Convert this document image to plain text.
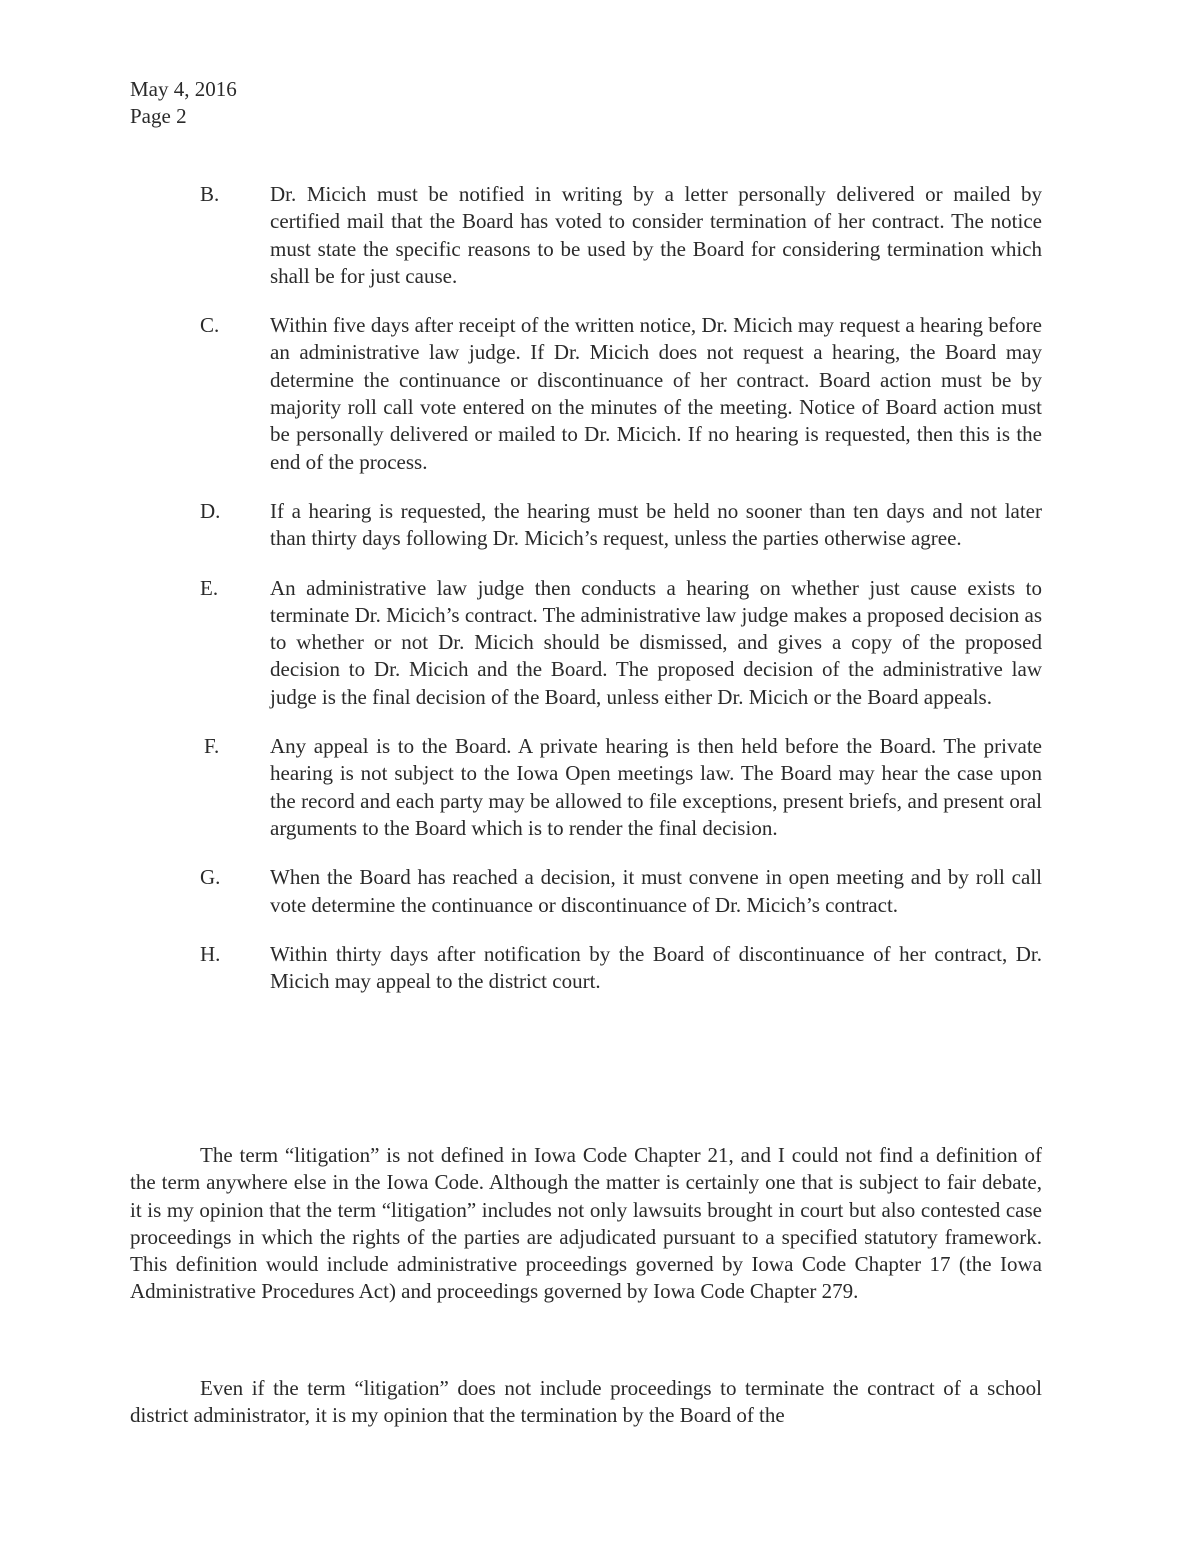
May 4, 2016
Page 2
B.	Dr. Micich must be notified in writing by a letter personally delivered or mailed by certified mail that the Board has voted to consider termination of her contract. The notice must state the specific reasons to be used by the Board for considering termination which shall be for just cause.
C.	Within five days after receipt of the written notice, Dr. Micich may request a hearing before an administrative law judge. If Dr. Micich does not request a hearing, the Board may determine the continuance or discontinuance of her contract. Board action must be by majority roll call vote entered on the minutes of the meeting. Notice of Board action must be personally delivered or mailed to Dr. Micich. If no hearing is requested, then this is the end of the process.
D.	If a hearing is requested, the hearing must be held no sooner than ten days and not later than thirty days following Dr. Micich’s request, unless the parties otherwise agree.
E.	An administrative law judge then conducts a hearing on whether just cause exists to terminate Dr. Micich’s contract. The administrative law judge makes a proposed decision as to whether or not Dr. Micich should be dismissed, and gives a copy of the proposed decision to Dr. Micich and the Board. The proposed decision of the administrative law judge is the final decision of the Board, unless either Dr. Micich or the Board appeals.
F.	Any appeal is to the Board. A private hearing is then held before the Board. The private hearing is not subject to the Iowa Open meetings law. The Board may hear the case upon the record and each party may be allowed to file exceptions, present briefs, and present oral arguments to the Board which is to render the final decision.
G.	When the Board has reached a decision, it must convene in open meeting and by roll call vote determine the continuance or discontinuance of Dr. Micich’s contract.
H.	Within thirty days after notification by the Board of discontinuance of her contract, Dr. Micich may appeal to the district court.

The term “litigation” is not defined in Iowa Code Chapter 21, and I could not find a definition of the term anywhere else in the Iowa Code. Although the matter is certainly one that is subject to fair debate, it is my opinion that the term “litigation” includes not only lawsuits brought in court but also contested case proceedings in which the rights of the parties are adjudicated pursuant to a specified statutory framework. This definition would include administrative proceedings governed by Iowa Code Chapter 17 (the Iowa Administrative Procedures Act) and proceedings governed by Iowa Code Chapter 279.

Even if the term “litigation” does not include proceedings to terminate the contract of a school district administrator, it is my opinion that the termination by the Board of the
